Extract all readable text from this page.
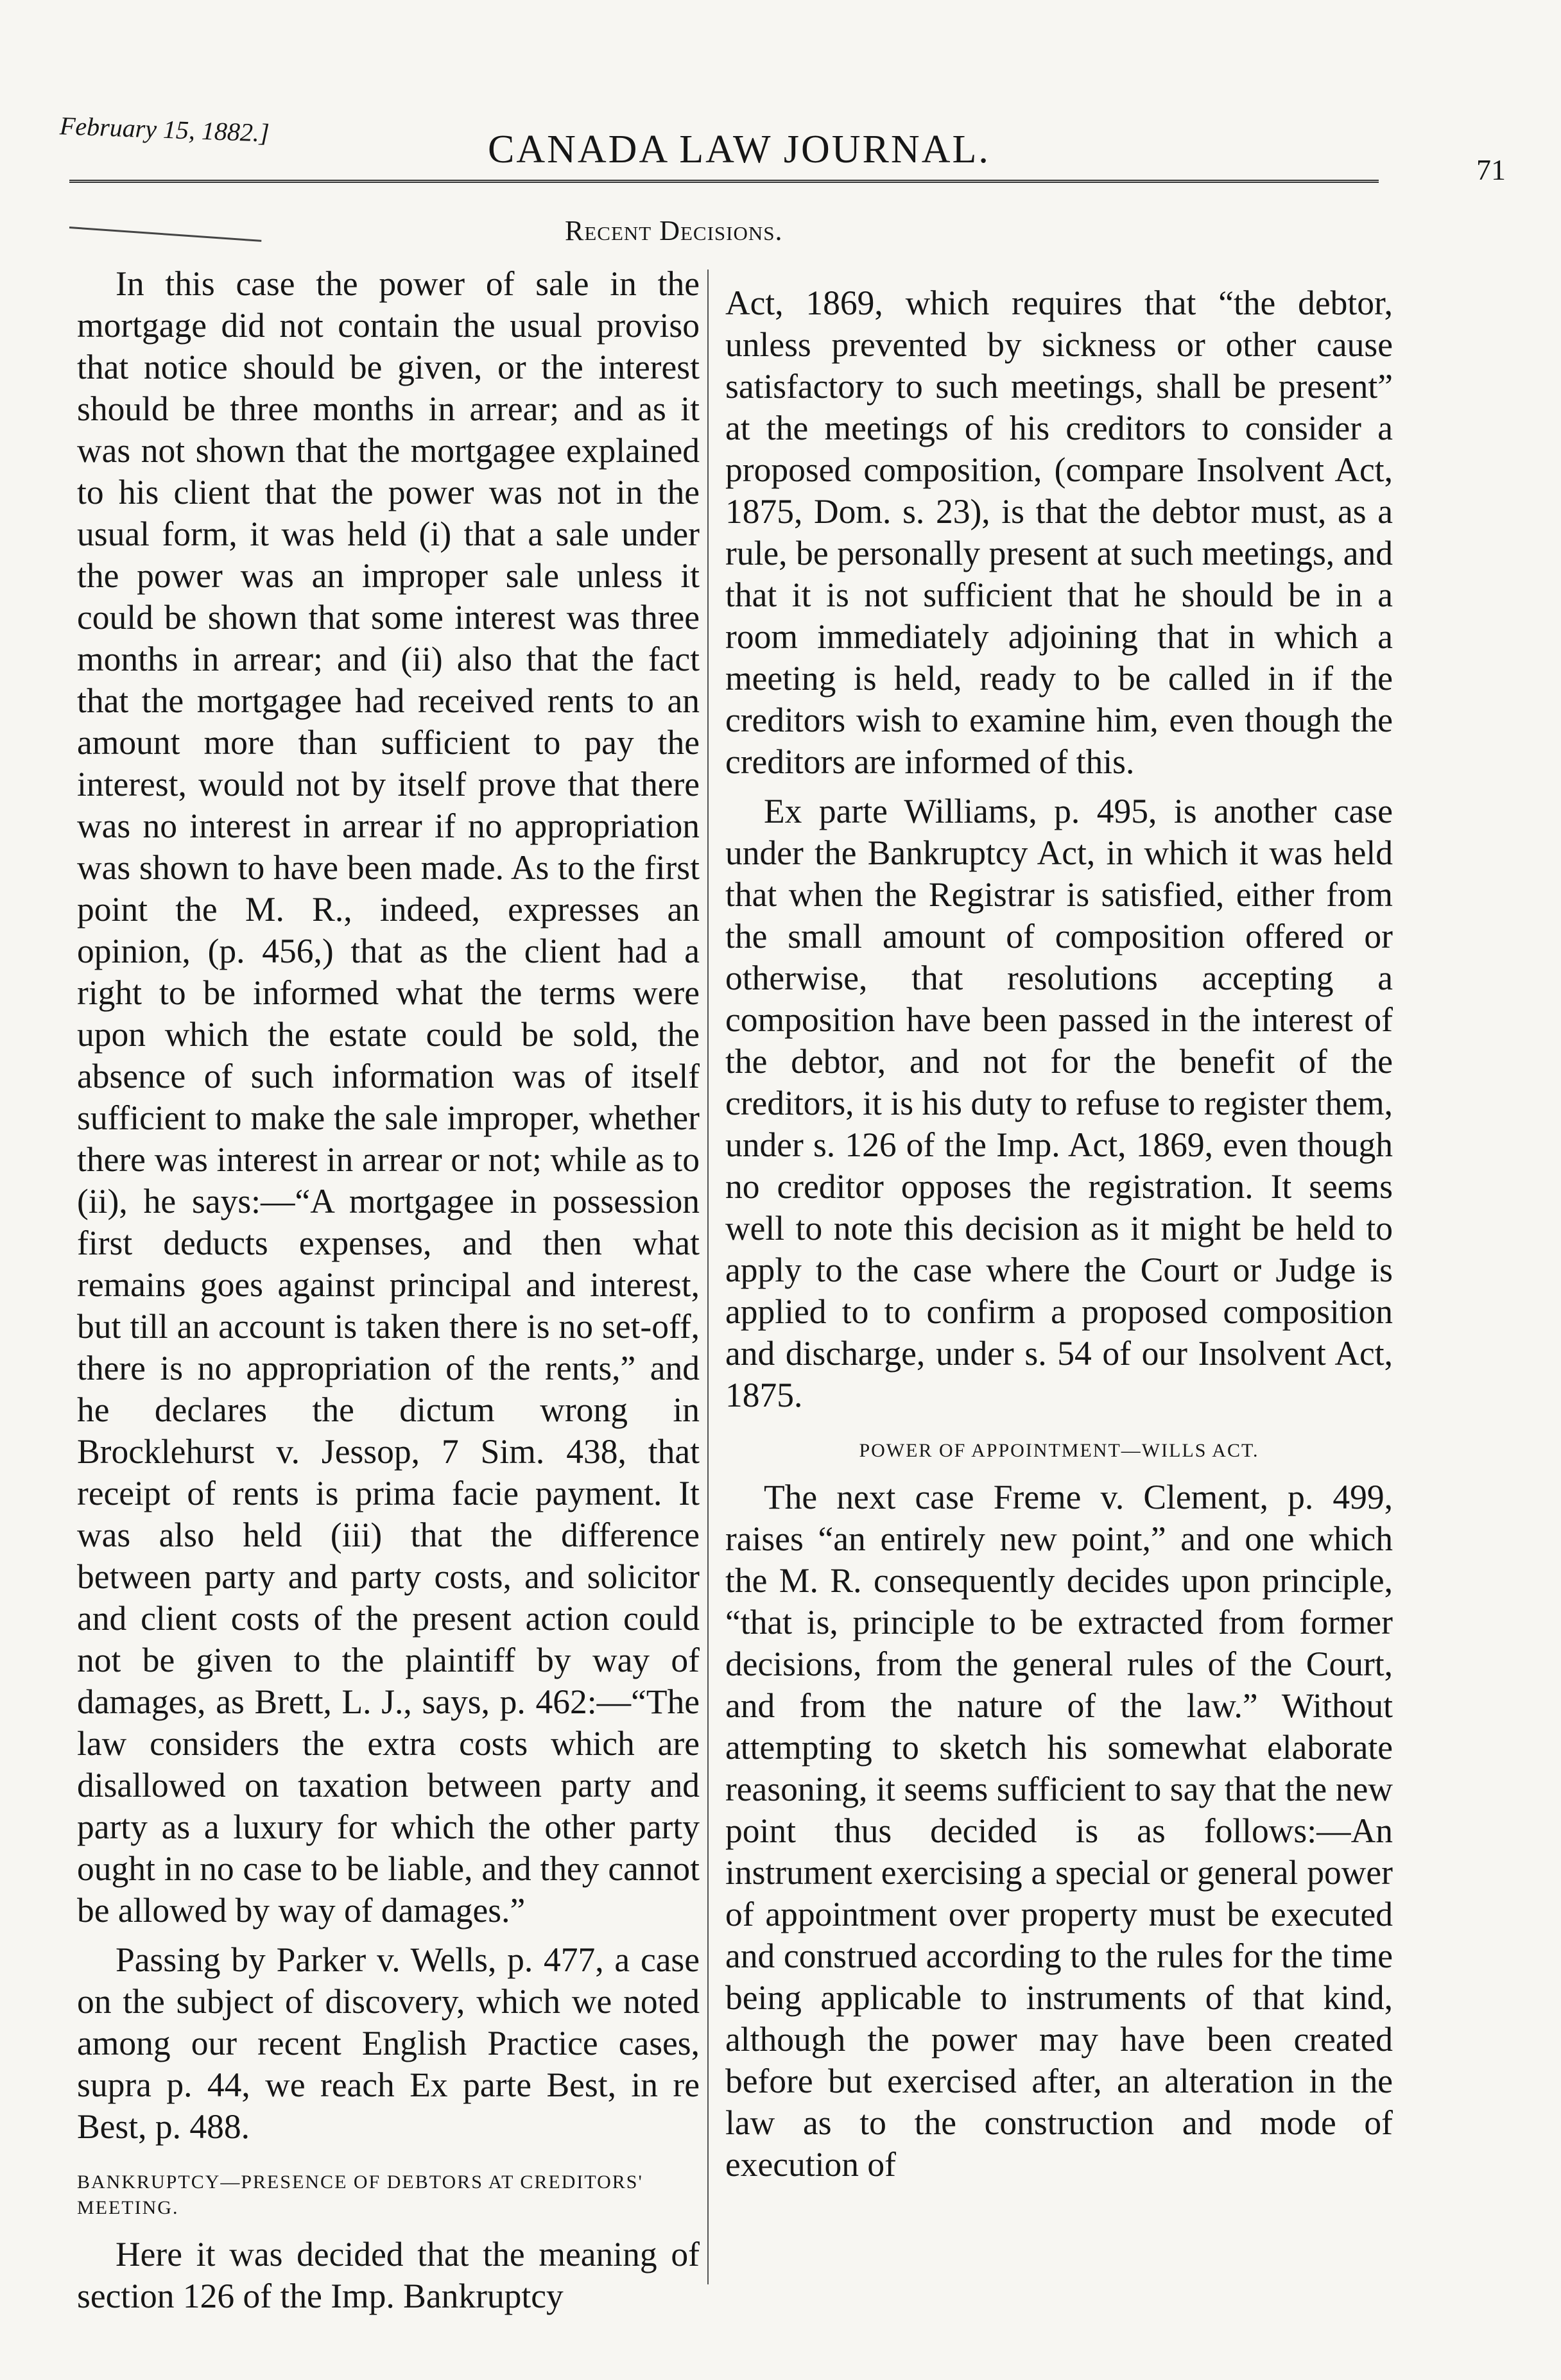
February 15, 1882.]	CANADA LAW JOURNAL.	71
Recent Decisions.

In this case the power of sale in the mortgage did not contain the usual proviso that notice should be given, or the interest should be three months in arrear; and as it was not shown that the mortgagee explained to his client that the power was not in the usual form, it was held (i) that a sale under the power was an improper sale unless it could be shown that some interest was three months in arrear; and (ii) also that the fact that the mortgagee had received rents to an amount more than sufficient to pay the interest, would not by itself prove that there was no interest in arrear if no appropriation was shown to have been made. As to the first point the M. R., indeed, expresses an opinion, (p. 456,) that as the client had a right to be informed what the terms were upon which the estate could be sold, the absence of such information was of itself sufficient to make the sale improper, whether there was interest in arrear or not; while as to (ii), he says:—“A mortgagee in possession first deducts expenses, and then what remains goes against principal and interest, but till an account is taken there is no set-off, there is no appropriation of the rents,” and he declares the dictum wrong in Brocklehurst v. Jessop, 7 Sim. 438, that receipt of rents is prima facie payment. It was also held (iii) that the difference between party and party costs, and solicitor and client costs of the present action could not be given to the plaintiff by way of damages, as Brett, L. J., says, p. 462:—“The law considers the extra costs which are disallowed on taxation between party and party as a luxury for which the other party ought in no case to be liable, and they cannot be allowed by way of damages.”

Passing by Parker v. Wells, p. 477, a case on the subject of discovery, which we noted among our recent English Practice cases, supra p. 44, we reach Ex parte Best, in re Best, p. 488.

BANKRUPTCY—PRESENCE OF DEBTORS AT CREDITORS' MEETING.

Here it was decided that the meaning of section 126 of the Imp. Bankruptcy

Act, 1869, which requires that “the debtor, unless prevented by sickness or other cause satisfactory to such meetings, shall be present” at the meetings of his creditors to consider a proposed composition, (compare Insolvent Act, 1875, Dom. s. 23), is that the debtor must, as a rule, be personally present at such meetings, and that it is not sufficient that he should be in a room immediately adjoining that in which a meeting is held, ready to be called in if the creditors wish to examine him, even though the creditors are informed of this.

Ex parte Williams, p. 495, is another case under the Bankruptcy Act, in which it was held that when the Registrar is satisfied, either from the small amount of composition offered or otherwise, that resolutions accepting a composition have been passed in the interest of the debtor, and not for the benefit of the creditors, it is his duty to refuse to register them, under s. 126 of the Imp. Act, 1869, even though no creditor opposes the registration. It seems well to note this decision as it might be held to apply to the case where the Court or Judge is applied to to confirm a proposed composition and discharge, under s. 54 of our Insolvent Act, 1875.

POWER OF APPOINTMENT—WILLS ACT.

The next case Freme v. Clement, p. 499, raises “an entirely new point,” and one which the M. R. consequently decides upon principle, “that is, principle to be extracted from former decisions, from the general rules of the Court, and from the nature of the law.” Without attempting to sketch his somewhat elaborate reasoning, it seems sufficient to say that the new point thus decided is as follows:—An instrument exercising a special or general power of appointment over property must be executed and construed according to the rules for the time being applicable to instruments of that kind, although the power may have been created before but exercised after, an alteration in the law as to the construction and mode of execution of
